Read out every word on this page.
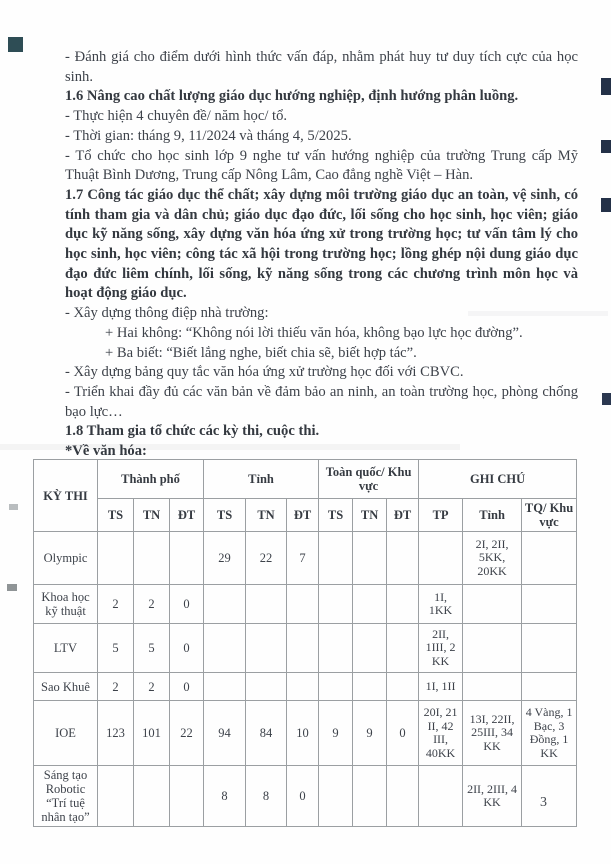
- Đánh giá cho điểm dưới hình thức vấn đáp, nhằm phát huy tư duy tích cực của học sinh.

1.6 Nâng cao chất lượng giáo dục hướng nghiệp, định hướng phân luồng.

- Thực hiện 4 chuyên đề/ năm học/ tổ.

- Thời gian: tháng 9, 11/2024 và tháng 4, 5/2025.

- Tổ chức cho học sinh lớp 9 nghe tư vấn hướng nghiệp của trường Trung cấp Mỹ Thuật Bình Dương, Trung cấp Nông Lâm, Cao đẳng nghề Việt – Hàn.

1.7 Công tác giáo dục thể chất; xây dựng môi trường giáo dục an toàn, vệ sinh, có tính tham gia và dân chủ; giáo dục đạo đức, lối sống cho học sinh, học viên; giáo dục kỹ năng sống, xây dựng văn hóa ứng xử trong trường học; tư vấn tâm lý cho học sinh, học viên; công tác xã hội trong trường học; lồng ghép nội dung giáo dục đạo đức liêm chính, lối sống, kỹ năng sống trong các chương trình môn học và hoạt động giáo dục.

- Xây dựng thông điệp nhà trường:

+ Hai không: “Không nói lời thiếu văn hóa, không bạo lực học đường”.

+ Ba biết: “Biết lắng nghe, biết chia sẽ, biết hợp tác”.

- Xây dựng bảng quy tắc văn hóa ứng xử trường học đối với CBVC.

- Triển khai đầy đủ các văn bản về đảm bảo an ninh, an toàn trường học, phòng chống bạo lực…

1.8 Tham gia tổ chức các kỳ thi, cuộc thi.

*Về văn hóa:

KỲ THI	Thành phố			Tỉnh			Toàn quốc/ Khu vực			GHI CHÚ		
	TS	TN	ĐT	TS	TN	ĐT	TS	TN	ĐT	TP	Tỉnh	TQ/ Khu vực
Olympic				29	22	7					2I, 2II, 5KK, 20KK	
Khoa học kỹ thuật	2	2	0							1I, 1KK		
LTV	5	5	0							2II, 1III, 2 KK		
Sao Khuê	2	2	0							1I, 1II		
IOE	123	101	22	94	84	10	9	9	0	20I, 21 II, 42 III, 40KK	13I, 22II, 25III, 34 KK	4 Vàng, 1 Bạc, 3 Đồng, 1 KK
Sáng tạo Robotic “Trí tuệ nhân tạo”				8	8	0					2II, 2III, 4 KK		3
